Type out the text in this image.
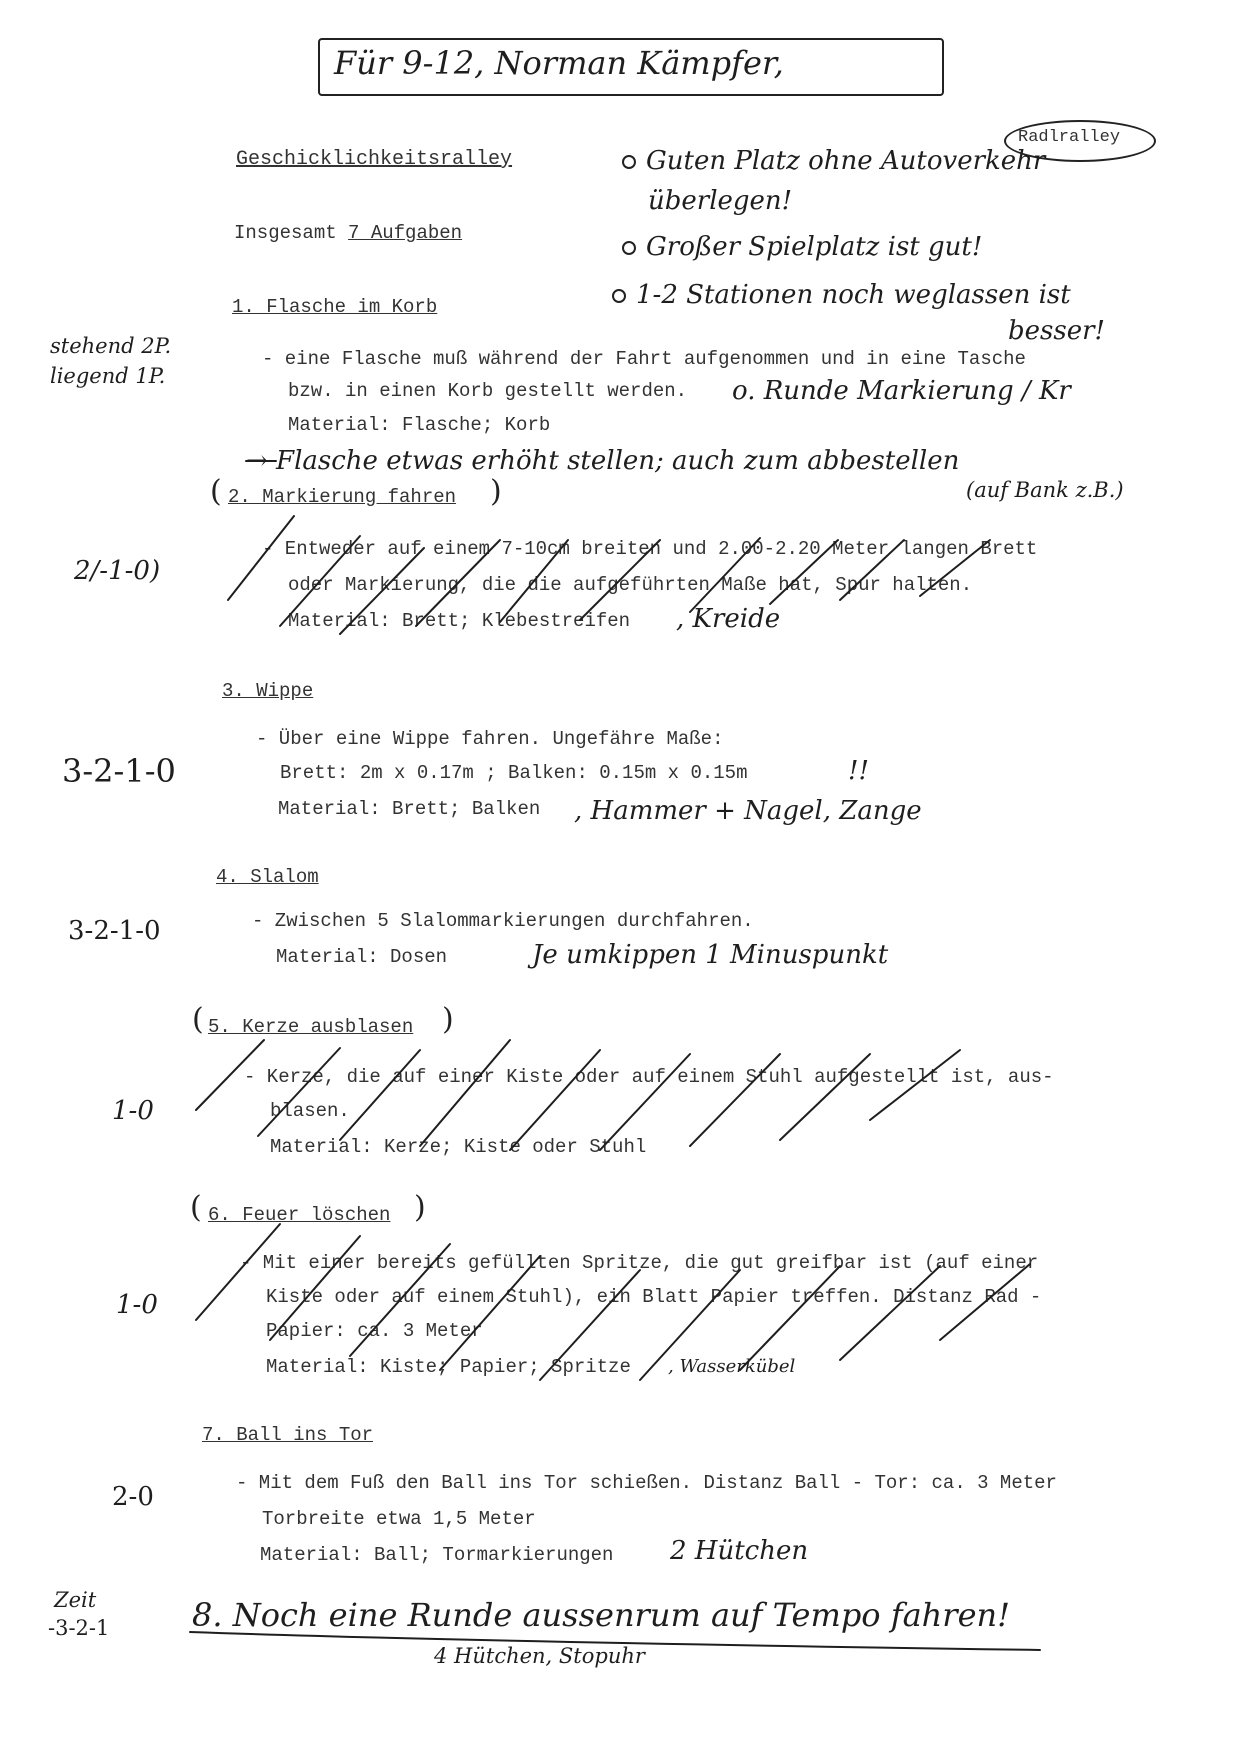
Für 9-12, Norman Kämpfer,
Radlralley
Geschicklichkeitsralley	Guten Platz ohne Autoverkehr
überlegen!
Großer Spielplatz ist gut!
1-2 Stationen noch weglassen ist
besser!
Insgesamt 7 Aufgaben
1. Flasche im Korb
stehend 2P.
liegend 1P.
- eine Flasche muß während der Fahrt aufgenommen und in eine Tasche
bzw. in einen Korb gestellt werden. o. Runde Markierung / Kr
Material: Flasche; Korb
→ Flasche etwas erhöht stellen; auch zum abbestellen
(auf Bank z.B.)
( 2. Markierung fahren )
2/-1-0)
- Entweder auf einem 7-10cm breiten und 2.00-2.20 Meter langen Brett
oder Markierung, die die aufgeführten Maße hat, Spur halten.
Material: Brett; Klebestreifen , Kreide
3. Wippe
3-2-1-0
- Über eine Wippe fahren. Ungefähre Maße:
Brett: 2m x 0.17m ; Balken: 0.15m x 0.15m	!!
Material: Brett; Balken , Hammer + Nagel, Zange
4. Slalom
3-2-1-0	- Zwischen 5 Slalommarkierungen durchfahren.
Material: Dosen	Je umkippen 1 Minuspunkt
( 5. Kerze ausblasen )
1-0
- Kerze, die auf einer Kiste oder auf einem Stuhl aufgestellt ist, aus-
blasen.
Material: Kerze; Kiste oder Stuhl
( 6. Feuer löschen )
1-0
- Mit einer bereits gefüllten Spritze, die gut greifbar ist (auf einer
Kiste oder auf einem Stuhl), ein Blatt Papier treffen. Distanz Rad -
Papier: ca. 3 Meter
Material: Kiste; Papier; Spritze , Wasserkübel
7. Ball ins Tor
2-0	- Mit dem Fuß den Ball ins Tor schießen. Distanz Ball - Tor: ca. 3 Meter
Torbreite etwa 1,5 Meter
Material: Ball; Tormarkierungen 2 Hütchen
Zeit
-3-2-1	8. Noch eine Runde aussenrum auf Tempo fahren!
4 Hütchen, Stopuhr
